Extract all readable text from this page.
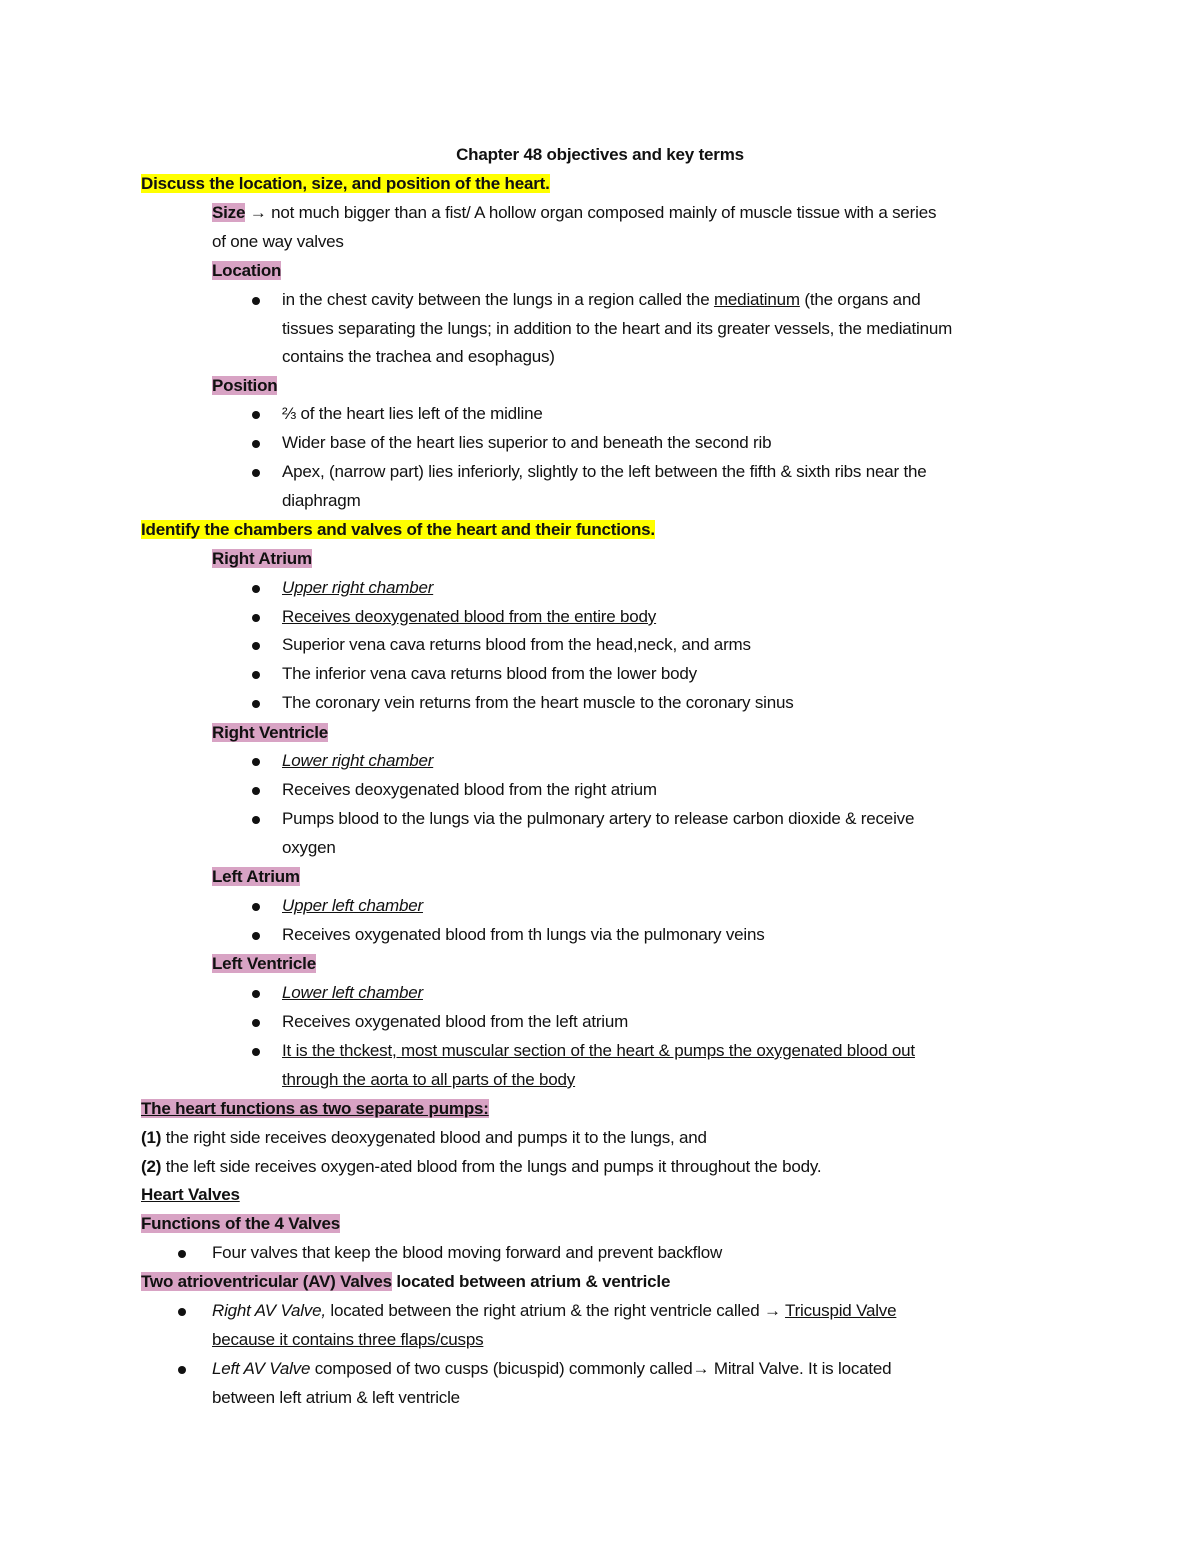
Chapter 48 objectives and key terms
Discuss the location, size, and position of the heart.
Size → not much bigger than a fist/ A hollow organ composed mainly of muscle tissue with a series
of one way valves
Location
in the chest cavity between the lungs in a region called the mediatinum (the organs and
tissues separating the lungs; in addition to the heart and its greater vessels, the mediatinum
contains the trachea and esophagus)
Position
⅔ of the heart lies left of the midline
Wider base of the heart lies superior to and beneath the second rib
Apex, (narrow part) lies inferiorly, slightly to the left between the fifth & sixth ribs near the
diaphragm
Identify the chambers and valves of the heart and their functions.
Right Atrium
Upper right chamber
Receives deoxygenated blood from the entire body
Superior vena cava returns blood from the head,neck, and arms
The inferior vena cava returns blood from the lower body
The coronary vein returns from the heart muscle to the coronary sinus
Right Ventricle
Lower right chamber
Receives deoxygenated blood from the right atrium
Pumps blood to the lungs via the pulmonary artery to release carbon dioxide & receive
oxygen
Left Atrium
Upper left chamber
Receives oxygenated blood from th lungs via the pulmonary veins
Left Ventricle
Lower left chamber
Receives oxygenated blood from the left atrium
It is the thckest, most muscular section of the heart & pumps the oxygenated blood out
through the aorta to all parts of the body
The heart functions as two separate pumps:
(1) the right side receives deoxygenated blood and pumps it to the lungs, and
(2) the left side receives oxygen-ated blood from the lungs and pumps it throughout the body.
Heart Valves
Functions of the 4 Valves
Four valves that keep the blood moving forward and prevent backflow
Two atrioventricular (AV) Valves located between atrium & ventricle
Right AV Valve, located between the right atrium & the right ventricle called → Tricuspid Valve
because it contains three flaps/cusps
Left AV Valve composed of two cusps (bicuspid) commonly called→ Mitral Valve. It is located
between left atrium & left ventricle
